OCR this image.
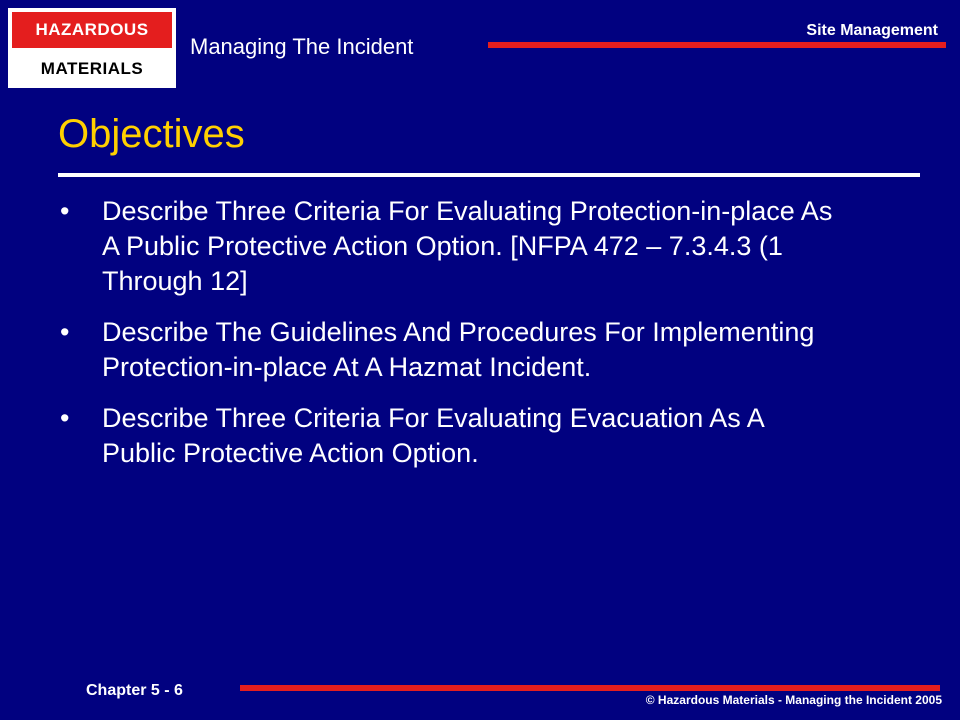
HAZARDOUS
MATERIALS
Managing The Incident
Site Management
Objectives
• Describe Three Criteria For Evaluating Protection-in-place As A Public Protective Action Option. [NFPA 472 – 7.3.4.3 (1 Through 12]
• Describe The Guidelines And Procedures For Implementing Protection-in-place At A Hazmat Incident.
• Describe Three Criteria For Evaluating Evacuation As A Public Protective Action Option.
Chapter 5 - 6
© Hazardous Materials - Managing the Incident 2005
